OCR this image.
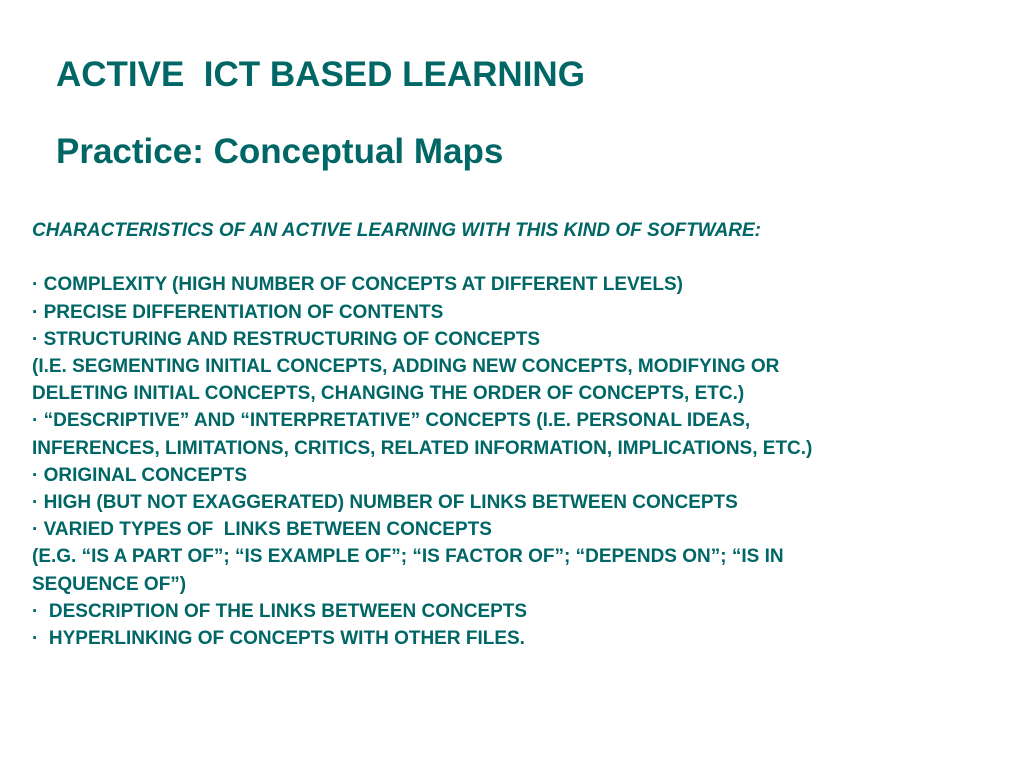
ACTIVE  ICT BASED LEARNING
Practice: Conceptual Maps

CHARACTERISTICS OF AN ACTIVE LEARNING WITH THIS KIND OF SOFTWARE:

· COMPLEXITY (HIGH NUMBER OF CONCEPTS AT DIFFERENT LEVELS)

· PRECISE DIFFERENTIATION OF CONTENTS

· STRUCTURING AND RESTRUCTURING OF CONCEPTS

(I.E. SEGMENTING INITIAL CONCEPTS, ADDING NEW CONCEPTS, MODIFYING OR

DELETING INITIAL CONCEPTS, CHANGING THE ORDER OF CONCEPTS, ETC.)

· “DESCRIPTIVE” AND “INTERPRETATIVE” CONCEPTS (I.E. PERSONAL IDEAS,

INFERENCES, LIMITATIONS, CRITICS, RELATED INFORMATION, IMPLICATIONS, ETC.)

· ORIGINAL CONCEPTS

· HIGH (BUT NOT EXAGGERATED) NUMBER OF LINKS BETWEEN CONCEPTS

· VARIED TYPES OF  LINKS BETWEEN CONCEPTS

(E.G. “IS A PART OF”; “IS EXAMPLE OF”; “IS FACTOR OF”; “DEPENDS ON”; “IS IN

SEQUENCE OF”)

·  DESCRIPTION OF THE LINKS BETWEEN CONCEPTS

·  HYPERLINKING OF CONCEPTS WITH OTHER FILES.
